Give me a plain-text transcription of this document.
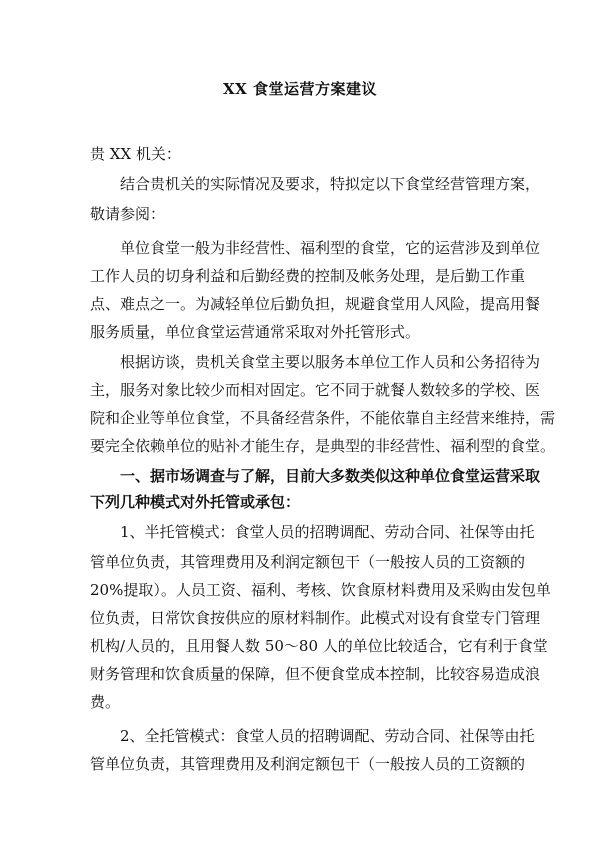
XX 食堂运营方案建议
贵 XX 机关：
结合贵机关的实际情况及要求，特拟定以下食堂经营管理方案，
敬请参阅：
单位食堂一般为非经营性、福利型的食堂，它的运营涉及到单位
工作人员的切身利益和后勤经费的控制及帐务处理，是后勤工作重
点、难点之一。为减轻单位后勤负担，规避食堂用人风险，提高用餐
服务质量，单位食堂运营通常采取对外托管形式。
根据访谈，贵机关食堂主要以服务本单位工作人员和公务招待为
主，服务对象比较少而相对固定。它不同于就餐人数较多的学校、医
院和企业等单位食堂，不具备经营条件，不能依靠自主经营来维持，需
要完全依赖单位的贴补才能生存，是典型的非经营性、福利型的食堂。
一、据市场调查与了解，目前大多数类似这种单位食堂运营采取
下列几种模式对外托管或承包：
1、半托管模式：食堂人员的招聘调配、劳动合同、社保等由托
管单位负责，其管理费用及利润定额包干（一般按人员的工资额的
20%提取）。人员工资、福利、考核、饮食原材料费用及采购由发包单
位负责，日常饮食按供应的原材料制作。此模式对设有食堂专门管理
机构/人员的，且用餐人数 50～80 人的单位比较适合，它有利于食堂
财务管理和饮食质量的保障，但不便食堂成本控制，比较容易造成浪
费。
2、全托管模式：食堂人员的招聘调配、劳动合同、社保等由托
管单位负责，其管理费用及利润定额包干（一般按人员的工资额的
